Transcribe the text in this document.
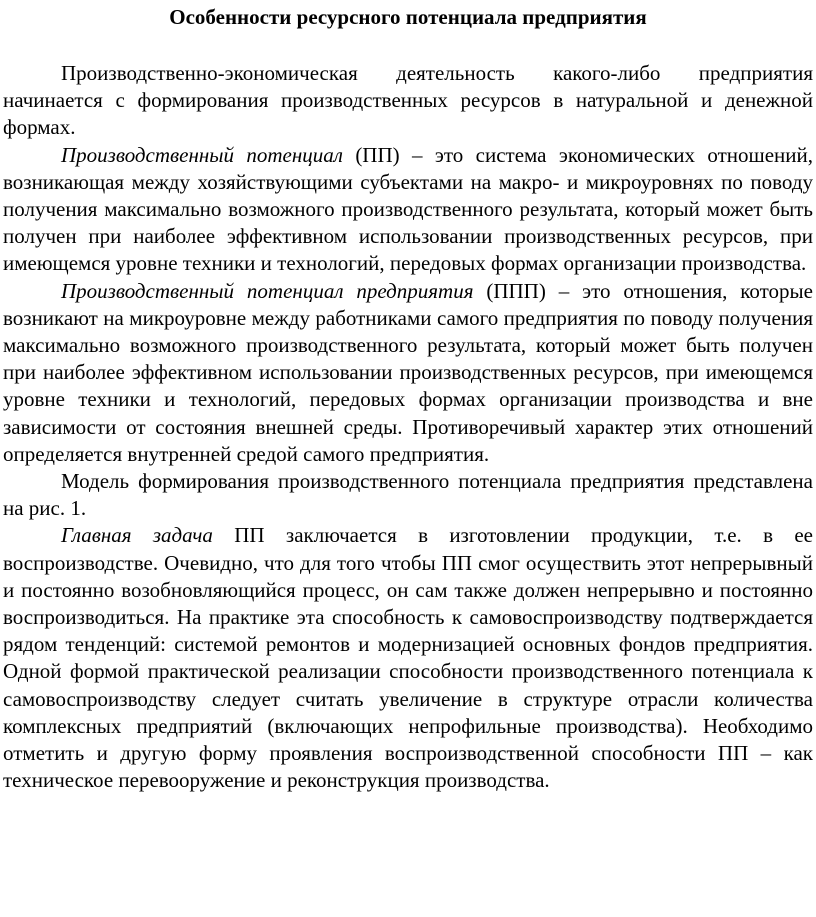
Особенности ресурсного потенциала предприятия

Производственно-экономическая деятельность какого-либо предприятия начинается с формирования производственных ресурсов в натуральной и денежной формах.

Производственный потенциал (ПП) – это система экономических отношений, возникающая между хозяйствующими субъектами на макро- и микроуровнях по поводу получения максимально возможного производственного результата, который может быть получен при наиболее эффективном использовании производственных ресурсов, при имеющемся уровне техники и технологий, передовых формах организации производства.

Производственный потенциал предприятия (ППП) – это отношения, которые возникают на микроуровне между работниками самого предприятия по поводу получения максимально возможного производственного результата, который может быть получен при наиболее эффективном использовании производственных ресурсов, при имеющемся уровне техники и технологий, передовых формах организации производства и вне зависимости от состояния внешней среды. Противоречивый характер этих отношений определяется внутренней средой самого предприятия.

Модель формирования производственного потенциала предприятия представлена на рис. 1.

Главная задача ПП заключается в изготовлении продукции, т.е. в ее воспроизводстве. Очевидно, что для того чтобы ПП смог осуществить этот непрерывный и постоянно возобновляющийся процесс, он сам также должен непрерывно и постоянно воспроизводиться. На практике эта способность к самовоспроизводству подтверждается рядом тенденций: системой ремонтов и модернизацией основных фондов предприятия. Одной формой практической реализации способности производственного потенциала к самовоспроизводству следует считать увеличение в структуре отрасли количества комплексных предприятий (включающих непрофильные производства). Необходимо отметить и другую форму проявления воспроизводственной способности ПП – как техническое перевооружение и реконструкция производства.
